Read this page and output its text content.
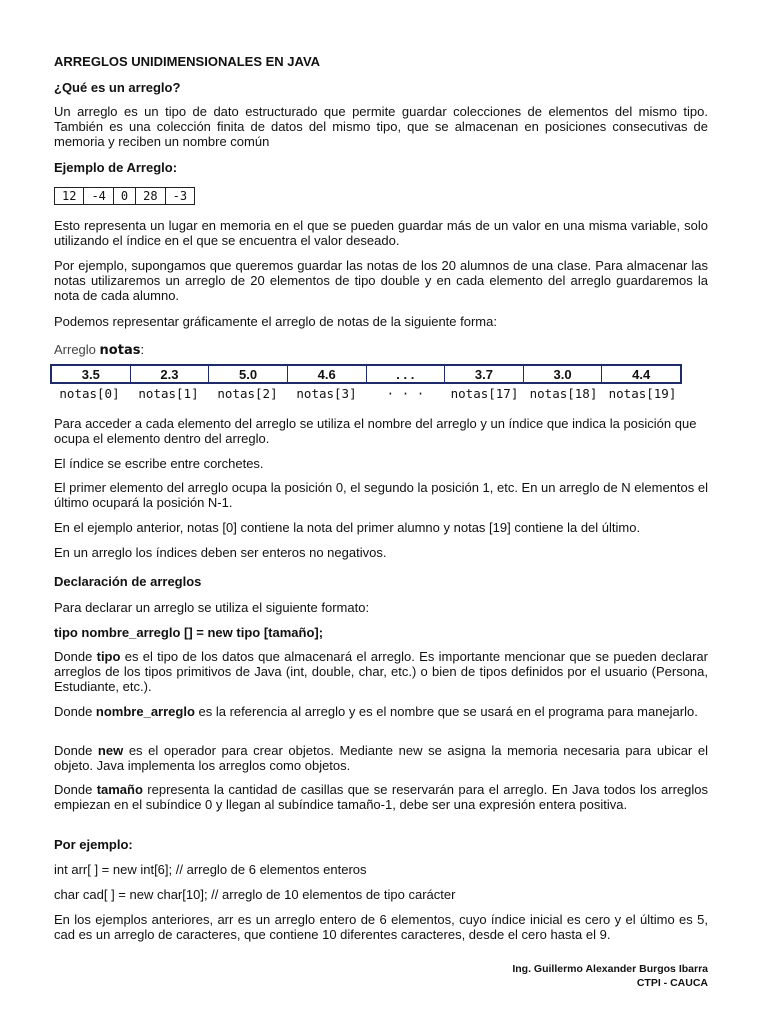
ARREGLOS UNIDIMENSIONALES EN JAVA

¿Qué es un arreglo?

Un arreglo es un tipo de dato estructurado que permite guardar colecciones de elementos del mismo tipo. También es una colección finita de datos del mismo tipo, que se almacenan en posiciones consecutivas de memoria y reciben un nombre común

Ejemplo de Arreglo:

12	-4	0	28	-3

Esto representa un lugar en memoria en el que se pueden guardar más de un valor en una misma variable, solo utilizando el índice en el que se encuentra el valor deseado.

Por ejemplo, supongamos que queremos guardar las notas de los 20 alumnos de una clase. Para almacenar las notas utilizaremos un arreglo de 20 elementos de tipo double y en cada elemento del arreglo guardaremos la nota de cada alumno.

Podemos representar gráficamente el arreglo de notas de la siguiente forma:

Arreglo notas:
3.5	2.3	5.0	4.6	. . .	3.7	3.0	4.4
notas[0]	notas[1]	notas[2]	notas[3]	· · ·	notas[17] notas[18] notas[19]

Para acceder a cada elemento del arreglo se utiliza el nombre del arreglo y un índice que indica la posición que ocupa el elemento dentro del arreglo.

El índice se escribe entre corchetes.

El primer elemento del arreglo ocupa la posición 0, el segundo la posición 1, etc. En un arreglo de N elementos el último ocupará la posición N-1.

En el ejemplo anterior, notas [0] contiene la nota del primer alumno y notas [19] contiene la del último.

En un arreglo los índices deben ser enteros no negativos.

Declaración de arreglos

Para declarar un arreglo se utiliza el siguiente formato:

tipo nombre_arreglo [] = new tipo [tamaño];

Donde tipo es el tipo de los datos que almacenará el arreglo. Es importante mencionar que se pueden declarar arreglos de los tipos primitivos de Java (int, double, char, etc.) o bien de tipos definidos por el usuario (Persona, Estudiante, etc.).

Donde nombre_arreglo es la referencia al arreglo y es el nombre que se usará en el programa para manejarlo.

Donde new es el operador para crear objetos. Mediante new se asigna la memoria necesaria para ubicar el objeto. Java implementa los arreglos como objetos.

Donde tamaño representa la cantidad de casillas que se reservarán para el arreglo. En Java todos los arreglos empiezan en el subíndice 0 y llegan al subíndice tamaño-1, debe ser una expresión entera positiva.

Por ejemplo:

int arr[ ] = new int[6]; // arreglo de 6 elementos enteros

char cad[ ] = new char[10]; // arreglo de 10 elementos de tipo carácter

En los ejemplos anteriores, arr es un arreglo entero de 6 elementos, cuyo índice inicial es cero y el último es 5, cad es un arreglo de caracteres, que contiene 10 diferentes caracteres, desde el cero hasta el 9.

Ing. Guillermo Alexander Burgos Ibarra
CTPI - CAUCA
